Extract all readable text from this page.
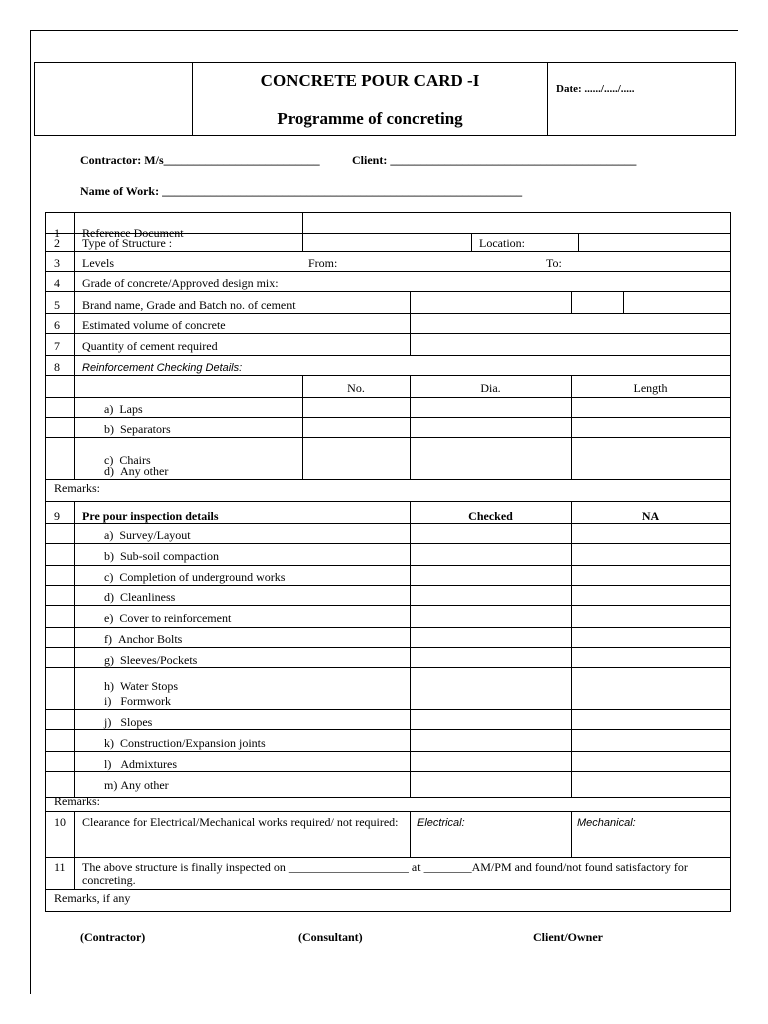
CONCRETE POUR CARD -I
Programme of concreting
Date: ....../...../.....
Contractor: M/s__________________________	Client: _________________________________________
Name of Work: ____________________________________________________________
1 Reference Document
2 Type of Structure :	Location:
3 Levels	From:	To:
4 Grade of concrete/Approved design mix:
5 Brand name, Grade and Batch no. of cement
6 Estimated volume of concrete
7 Quantity of cement required
8 Reinforcement Checking Details:
No.	Dia.	Length
a)  Laps
b)  Separators
c)  Chairs
d)  Any other
Remarks:
9 Pre pour inspection details	Checked	NA
a)  Survey/Layout
b)  Sub-soil compaction
c)  Completion of underground works
d)  Cleanliness
e)  Cover to reinforcement
f)  Anchor Bolts
g)  Sleeves/Pockets
h)  Water Stops
i)   Formwork
j)   Slopes
k)  Construction/Expansion joints
l)   Admixtures
m) Any other
Remarks:
10 Clearance for Electrical/Mechanical works required/ not required: Electrical:	Mechanical:
11 The above structure is finally inspected on ____________________ at ________AM/PM and found/not found satisfactory for concreting.
Remarks, if any
(Contractor)	(Consultant)	Client/Owner
